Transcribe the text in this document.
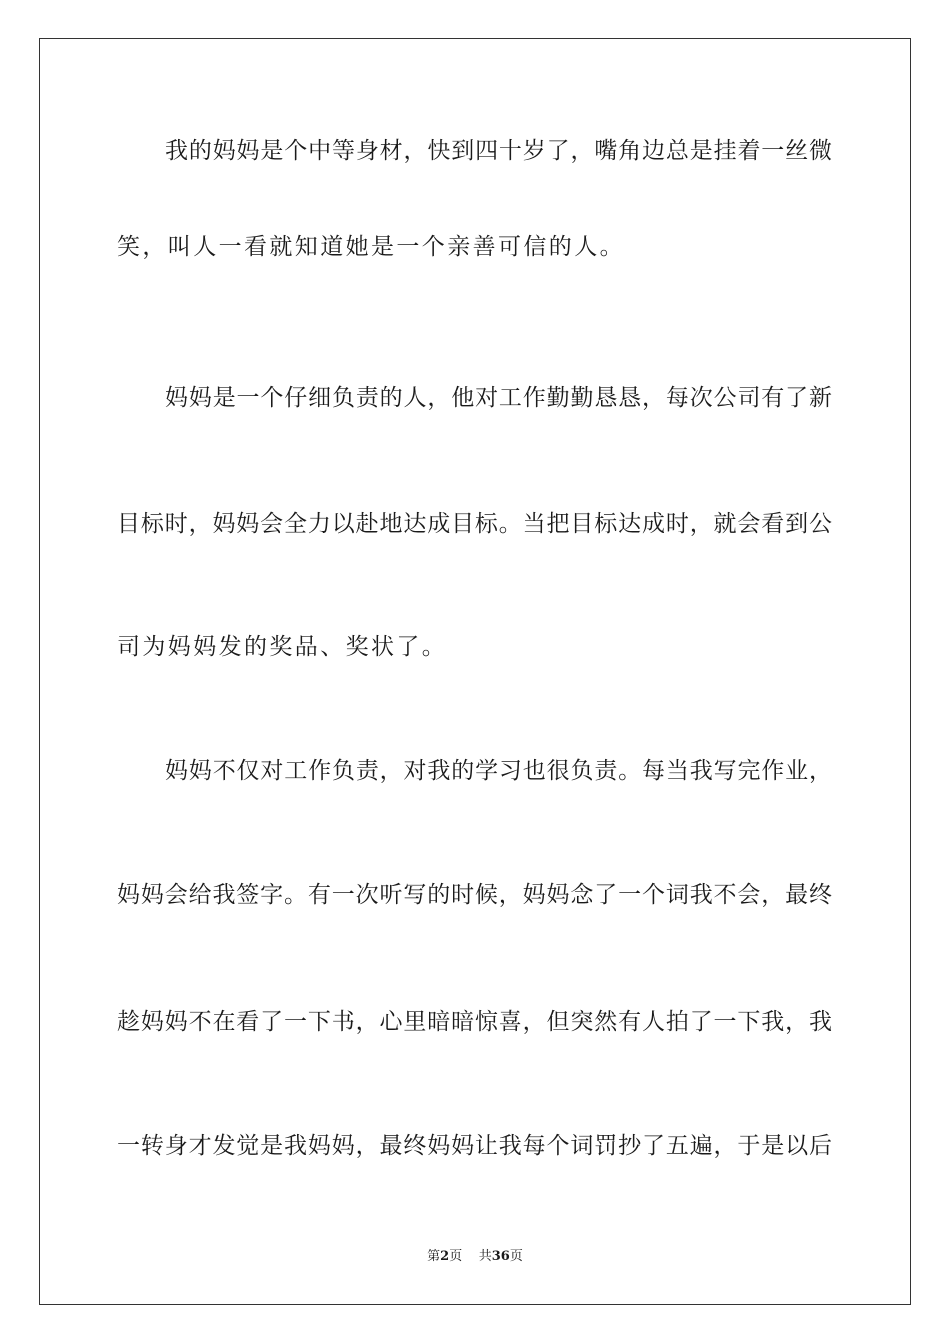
我的妈妈是个中等身材，快到四十岁了，嘴角边总是挂着一丝微
笑，叫人一看就知道她是一个亲善可信的人。
妈妈是一个仔细负责的人，他对工作勤勤恳恳，每次公司有了新
目标时，妈妈会全力以赴地达成目标。当把目标达成时，就会看到公
司为妈妈发的奖品、奖状了。
妈妈不仅对工作负责，对我的学习也很负责。每当我写完作业，
妈妈会给我签字。有一次听写的时候，妈妈念了一个词我不会，最终
趁妈妈不在看了一下书，心里暗暗惊喜，但突然有人拍了一下我，我
一转身才发觉是我妈妈，最终妈妈让我每个词罚抄了五遍，于是以后
第2页 共36页
